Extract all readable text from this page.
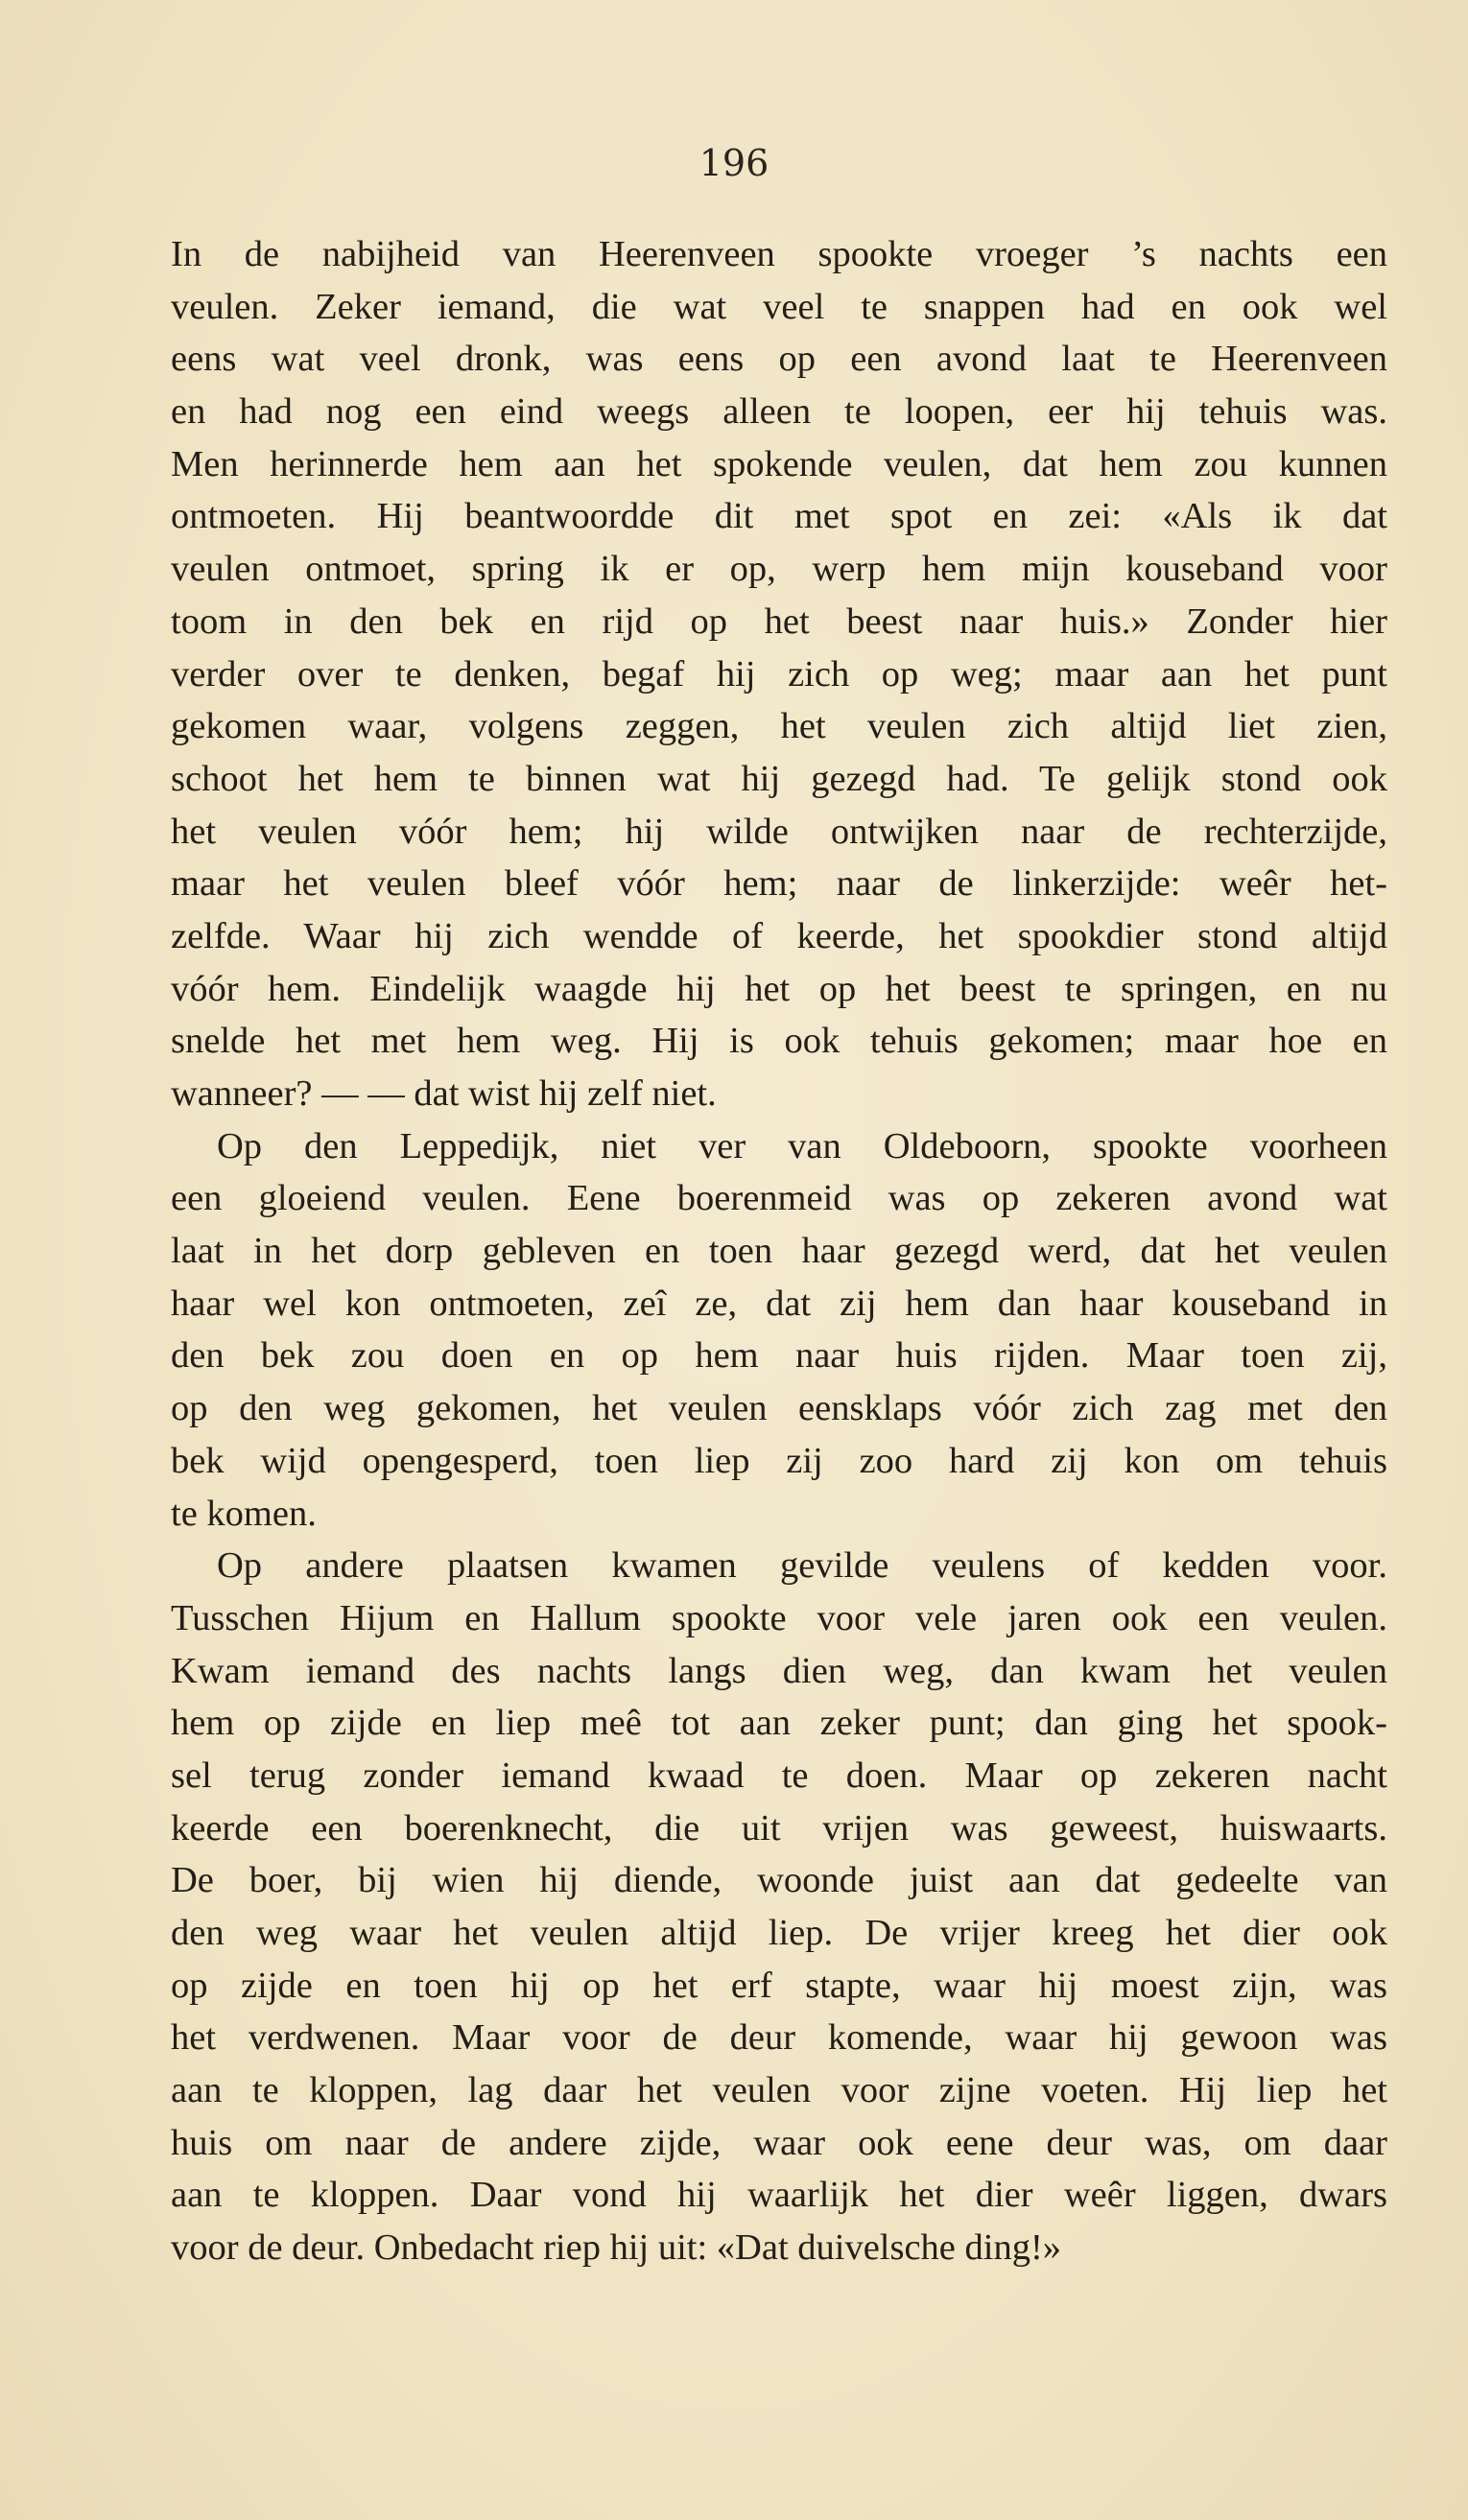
196
In de nabijheid van Heerenveen spookte vroeger ’s nachts een
veulen. Zeker iemand, die wat veel te snappen had en ook wel
eens wat veel dronk, was eens op een avond laat te Heerenveen
en had nog een eind weegs alleen te loopen, eer hij tehuis was.
Men herinnerde hem aan het spokende veulen, dat hem zou kunnen
ontmoeten. Hij beantwoordde dit met spot en zei: «Als ik dat
veulen ontmoet, spring ik er op, werp hem mijn kouseband voor
toom in den bek en rijd op het beest naar huis.» Zonder hier
verder over te denken, begaf hij zich op weg; maar aan het punt
gekomen waar, volgens zeggen, het veulen zich altijd liet zien,
schoot het hem te binnen wat hij gezegd had. Te gelijk stond ook
het veulen vóór hem; hij wilde ontwijken naar de rechterzijde,
maar het veulen bleef vóór hem; naar de linkerzijde: weêr het-
zelfde. Waar hij zich wendde of keerde, het spookdier stond altijd
vóór hem. Eindelijk waagde hij het op het beest te springen, en nu
snelde het met hem weg. Hij is ook tehuis gekomen; maar hoe en
wanneer? — — dat wist hij zelf niet.
Op den Leppedijk, niet ver van Oldeboorn, spookte voorheen
een gloeiend veulen. Eene boerenmeid was op zekeren avond wat
laat in het dorp gebleven en toen haar gezegd werd, dat het veulen
haar wel kon ontmoeten, zeî ze, dat zij hem dan haar kouseband in
den bek zou doen en op hem naar huis rijden. Maar toen zij,
op den weg gekomen, het veulen eensklaps vóór zich zag met den
bek wijd opengesperd, toen liep zij zoo hard zij kon om tehuis
te komen.
Op andere plaatsen kwamen gevilde veulens of kedden voor.
Tusschen Hijum en Hallum spookte voor vele jaren ook een veulen.
Kwam iemand des nachts langs dien weg, dan kwam het veulen
hem op zijde en liep meê tot aan zeker punt; dan ging het spook-
sel terug zonder iemand kwaad te doen. Maar op zekeren nacht
keerde een boerenknecht, die uit vrijen was geweest, huiswaarts.
De boer, bij wien hij diende, woonde juist aan dat gedeelte van
den weg waar het veulen altijd liep. De vrijer kreeg het dier ook
op zijde en toen hij op het erf stapte, waar hij moest zijn, was
het verdwenen. Maar voor de deur komende, waar hij gewoon was
aan te kloppen, lag daar het veulen voor zijne voeten. Hij liep het
huis om naar de andere zijde, waar ook eene deur was, om daar
aan te kloppen. Daar vond hij waarlijk het dier weêr liggen, dwars
voor de deur. Onbedacht riep hij uit: «Dat duivelsche ding!»
